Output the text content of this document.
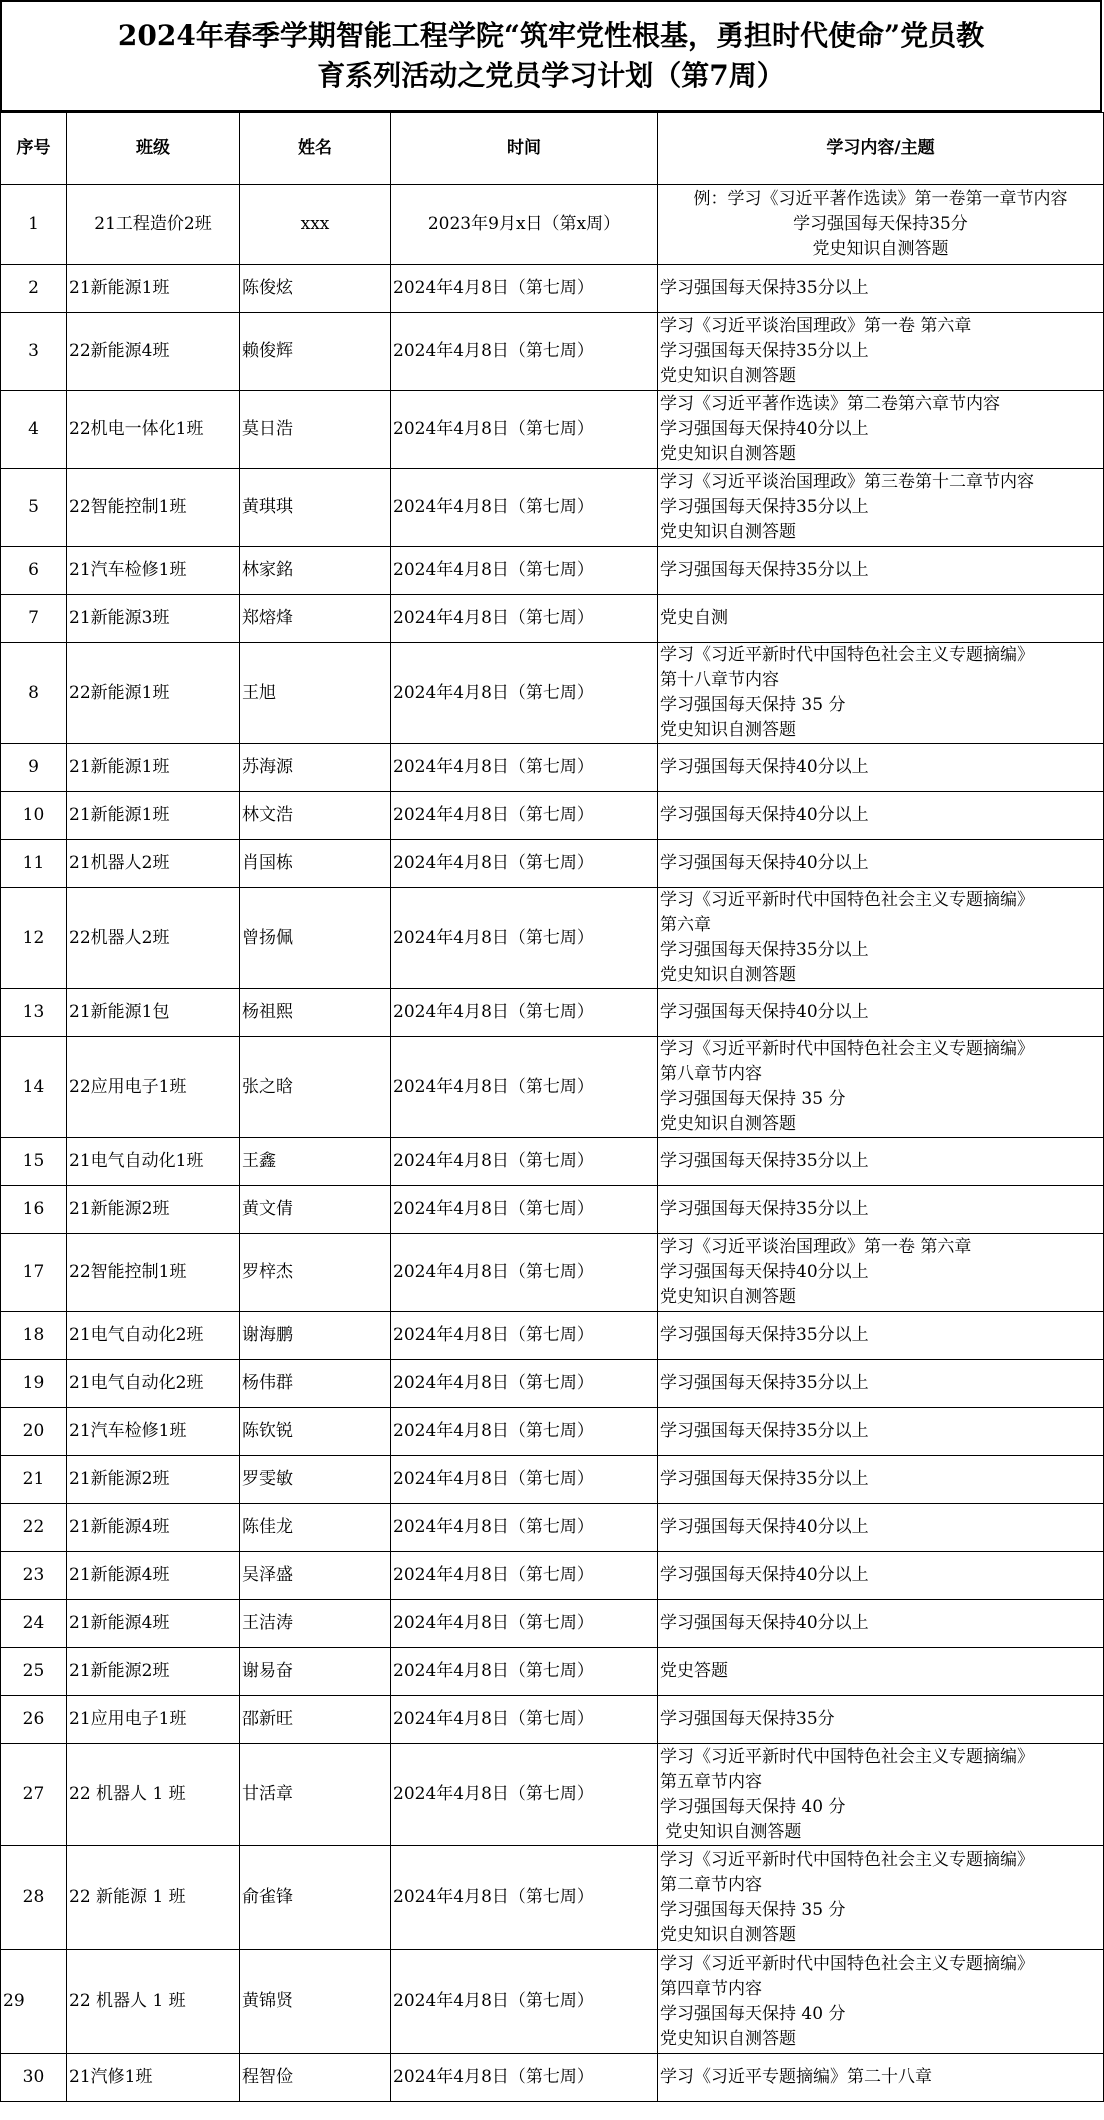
2024年春季学期智能工程学院“筑牢党性根基，勇担时代使命”党员教
育系列活动之党员学习计划（第7周）
序号	班级	姓名	时间	学习内容/主题
1	21工程造价2班	xxx	2023年9月x日（第x周）	例：学习《习近平著作选读》第一卷第一章节内容
学习强国每天保持35分
党史知识自测答题

2	21新能源1班	陈俊炫	2024年4月8日（第七周）	学习强国每天保持35分以上

3	22新能源4班	赖俊辉	2024年4月8日（第七周）	学习《习近平谈治国理政》第一卷 第六章
学习强国每天保持35分以上
党史知识自测答题

4	22机电一体化1班	莫日浩	2024年4月8日（第七周）	学习《习近平著作选读》第二卷第六章节内容
学习强国每天保持40分以上
党史知识自测答题

5	22智能控制1班	黄琪琪	2024年4月8日（第七周）	学习《习近平谈治国理政》第三卷第十二章节内容
学习强国每天保持35分以上
党史知识自测答题

6	21汽车检修1班	林家銘	2024年4月8日（第七周）	学习强国每天保持35分以上

7	21新能源3班	郑熔烽	2024年4月8日（第七周）	党史自测

8	22新能源1班	王旭	2024年4月8日（第七周）	学习《习近平新时代中国特色社会主义专题摘编》
第十八章节内容
学习强国每天保持 35 分
党史知识自测答题

9	21新能源1班	苏海源	2024年4月8日（第七周）	学习强国每天保持40分以上

10	21新能源1班	林文浩	2024年4月8日（第七周）	学习强国每天保持40分以上

11	21机器人2班	肖国栋	2024年4月8日（第七周）	学习强国每天保持40分以上

12	22机器人2班	曾扬佩	2024年4月8日（第七周）	学习《习近平新时代中国特色社会主义专题摘编》
第六章
学习强国每天保持35分以上
党史知识自测答题

13	21新能源1包	杨祖熙	2024年4月8日（第七周）	学习强国每天保持40分以上

14	22应用电子1班	张之晗	2024年4月8日（第七周）	学习《习近平新时代中国特色社会主义专题摘编》
第八章节内容
学习强国每天保持 35 分
党史知识自测答题

15	21电气自动化1班	王鑫	2024年4月8日（第七周）	学习强国每天保持35分以上

16	21新能源2班	黄文倩	2024年4月8日（第七周）	学习强国每天保持35分以上

17	22智能控制1班	罗梓杰	2024年4月8日（第七周）	学习《习近平谈治国理政》第一卷 第六章
学习强国每天保持40分以上
党史知识自测答题

18	21电气自动化2班	谢海鹏	2024年4月8日（第七周）	学习强国每天保持35分以上

19	21电气自动化2班	杨伟群	2024年4月8日（第七周）	学习强国每天保持35分以上

20	21汽车检修1班	陈钦锐	2024年4月8日（第七周）	学习强国每天保持35分以上

21	21新能源2班	罗雯敏	2024年4月8日（第七周）	学习强国每天保持35分以上

22	21新能源4班	陈佳龙	2024年4月8日（第七周）	学习强国每天保持40分以上

23	21新能源4班	吴泽盛	2024年4月8日（第七周）	学习强国每天保持40分以上

24	21新能源4班	王洁涛	2024年4月8日（第七周）	学习强国每天保持40分以上

25	21新能源2班	谢易奋	2024年4月8日（第七周）	党史答题

26	21应用电子1班	邵新旺	2024年4月8日（第七周）	学习强国每天保持35分

27	22 机器人 1 班	甘活章	2024年4月8日（第七周）	学习《习近平新时代中国特色社会主义专题摘编》
第五章节内容
学习强国每天保持 40 分
党史知识自测答题

28	22 新能源 1 班	俞雀锋	2024年4月8日（第七周）	学习《习近平新时代中国特色社会主义专题摘编》
第二章节内容
学习强国每天保持 35 分
党史知识自测答题

29	22 机器人 1 班	黄锦贤	2024年4月8日（第七周）	学习《习近平新时代中国特色社会主义专题摘编》
第四章节内容
学习强国每天保持 40 分
党史知识自测答题

30	21汽修1班	程智俭	2024年4月8日（第七周）	学习《习近平专题摘编》第二十八章
